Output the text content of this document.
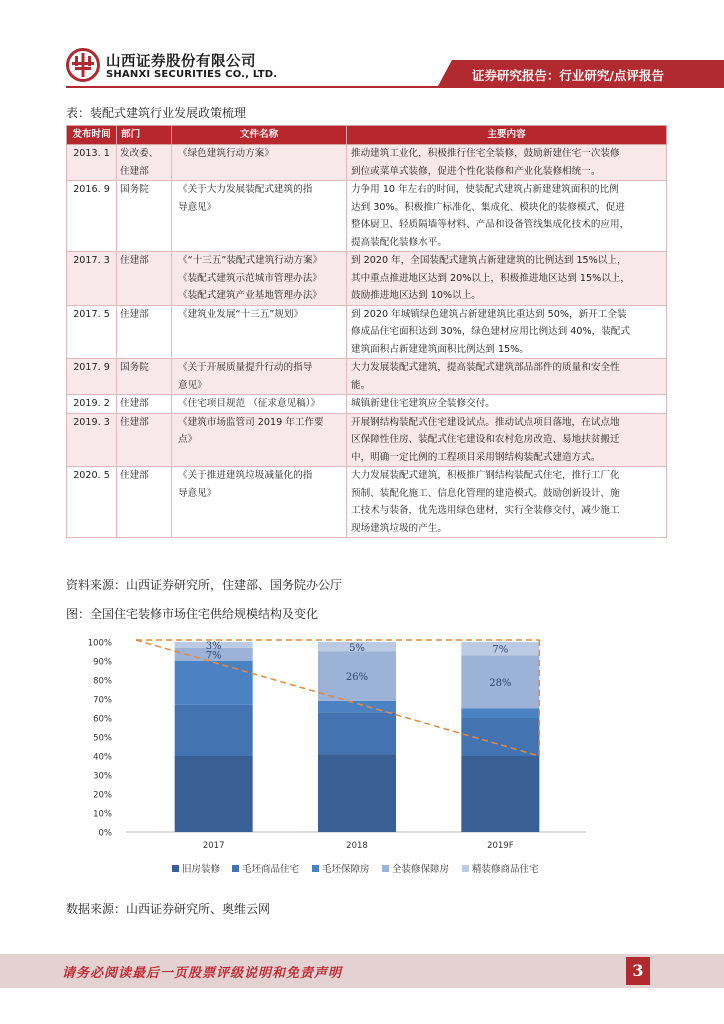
山西证券股份有限公司
SHANXI SECURITIES CO., LTD.	证券研究报告：行业研究/点评报告
表：装配式建筑行业发展政策梳理
发布时间	部门	文件名称	主要内容
2013. 1	发改委、
住建部	《绿色建筑行动方案》	推动建筑工业化，积极推行住宅全装修，鼓励新建住宅一次装修
到位或菜单式装修，促进个性化装修和产业化装修相统一。

2016. 9	国务院	《关于大力发展装配式建筑的指
导意见》	力争用 10 年左右的时间，使装配式建筑占新建建筑面积的比例
达到 30%。积极推广标准化、集成化、模块化的装修模式，促进
整体厨卫、轻质隔墙等材料、产品和设备管线集成化技术的应用，
提高装配化装修水平。

2017. 3	住建部	《“十三五”装配式建筑行动方案》
《装配式建筑示范城市管理办法》
《装配式建筑产业基地管理办法》	到 2020 年，全国装配式建筑占新建建筑的比例达到 15%以上，
其中重点推进地区达到 20%以上，积极推进地区达到 15%以上，
鼓励推进地区达到 10%以上。

2017. 5	住建部	《建筑业发展“十三五”规划》	到 2020 年城镇绿色建筑占新建建筑比重达到 50%，新开工全装
修成品住宅面积达到 30%，绿色建材应用比例达到 40%，装配式
建筑面积占新建建筑面积比例达到 15%。

2017. 9	国务院	《关于开展质量提升行动的指导
意见》	大力发展装配式建筑，提高装配式建筑部品部件的质量和安全性
能。

2019. 2	住建部	《住宅项目规范 （征求意见稿）》	城镇新建住宅建筑应全装修交付。

2019. 3	住建部	《建筑市场监管司 2019 年工作要
点》	开展钢结构装配式住宅建设试点。推动试点项目落地，在试点地
区保障性住房、装配式住宅建设和农村危房改造、易地扶贫搬迁
中，明确一定比例的工程项目采用钢结构装配式建造方式。

2020. 5	住建部	《关于推进建筑垃圾减量化的指
导意见》	大力发展装配式建筑，积极推广钢结构装配式住宅，推行工厂化
预制、装配化施工、信息化管理的建造模式。鼓励创新设计、施
工技术与装备，优先选用绿色建材，实行全装修交付，减少施工
现场建筑垃圾的产生。
资料来源：山西证券研究所，住建部、国务院办公厅
图：全国住宅装修市场住宅供给规模结构及变化
0%
10%
20%
30%
40%
50%
60%
70%
80%
90%
100%
2017	2018	2019F
7%
3%
26%
5%
28%
7%
旧房装修 毛坯商品住宅 毛坯保障房 全装修保障房 精装修商品住宅
数据来源：山西证券研究所、奥维云网
请务必阅读最后一页股票评级说明和免责声明	3
